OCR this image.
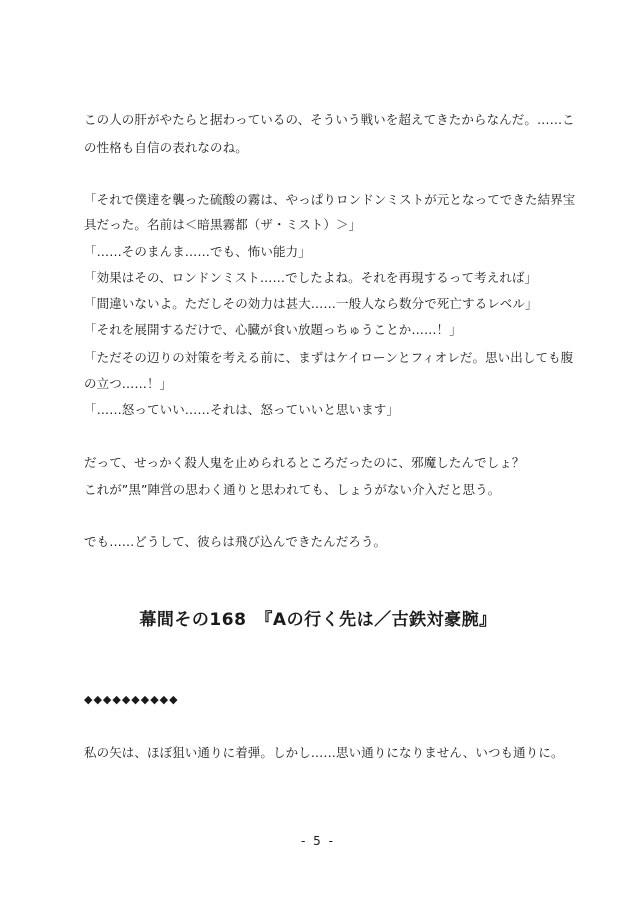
この人の肝がやたらと据わっているの、そういう戦いを超えてきたからなんだ。……こ
の性格も自信の表れなのね。
「それで僕達を襲った硫酸の霧は、やっぱりロンドンミストが元となってできた結界宝
具だった。名前は＜暗黒霧都（ザ・ミスト）＞」
「……そのまんま……でも、怖い能力」
「効果はその、ロンドンミスト……でしたよね。それを再現するって考えれば」
「間違いないよ。ただしその効力は甚大……一般人なら数分で死亡するレベル」
「それを展開するだけで、心臓が食い放題っちゅうことか……！」
「ただその辺りの対策を考える前に、まずはケイローンとフィオレだ。思い出しても腹
の立つ……！」
「……怒っていい……それは、怒っていいと思います」
だって、せっかく殺人鬼を止められるところだったのに、邪魔したんでしょ？
これが”黒”陣営の思わく通りと思われても、しょうがない介入だと思う。
でも……どうして、彼らは飛び込んできたんだろう。
幕間その168　『Aの行く先は／古鉄対豪腕』
◆◆◆◆◆◆◆◆◆◆
私の矢は、ほぼ狙い通りに着弾。しかし……思い通りになりません、いつも通りに。
- 5 -
